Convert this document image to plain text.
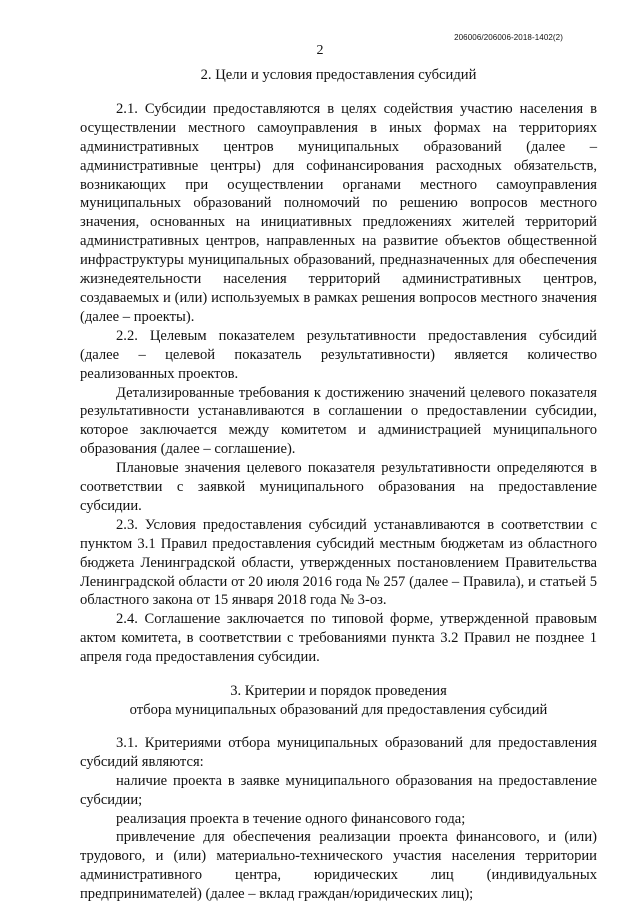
206006/206006-2018-1402(2)
2
2. Цели и условия предоставления субсидий

2.1. Субсидии предоставляются в целях содействия участию населения в осуществлении местного самоуправления в иных формах на территориях административных центров муниципальных образований (далее – административные центры) для софинансирования расходных обязательств, возникающих при осуществлении органами местного самоуправления муниципальных образований полномочий по решению вопросов местного значения, основанных на инициативных предложениях жителей территорий административных центров, направленных на развитие объектов общественной инфраструктуры муниципальных образований, предназначенных для обеспечения жизнедеятельности населения территорий административных центров, создаваемых и (или) используемых в рамках решения вопросов местного значения (далее – проекты).

2.2. Целевым показателем результативности предоставления субсидий (далее – целевой показатель результативности) является количество реализованных проектов.

Детализированные требования к достижению значений целевого показателя результативности устанавливаются в соглашении о предоставлении субсидии, которое заключается между комитетом и администрацией муниципального образования (далее – соглашение).

Плановые значения целевого показателя результативности определяются в соответствии с заявкой муниципального образования на предоставление субсидии.

2.3. Условия предоставления субсидий устанавливаются в соответствии с пунктом 3.1 Правил предоставления субсидий местным бюджетам из областного бюджета Ленинградской области, утвержденных постановлением Правительства Ленинградской области от 20 июля 2016 года № 257 (далее – Правила), и статьей 5 областного закона от 15 января 2018 года № 3-оз.

2.4. Соглашение заключается по типовой форме, утвержденной правовым актом комитета, в соответствии с требованиями пункта 3.2 Правил не позднее 1 апреля года предоставления субсидии.

3. Критерии и порядок проведения
отбора муниципальных образований для предоставления субсидий

3.1. Критериями отбора муниципальных образований для предоставления субсидий являются:

наличие проекта в заявке муниципального образования на предоставление субсидии;

реализация проекта в течение одного финансового года;

привлечение для обеспечения реализации проекта финансового, и (или) трудового, и (или) материально-технического участия населения территории административного центра, юридических лиц (индивидуальных предпринимателей) (далее – вклад граждан/юридических лиц);
